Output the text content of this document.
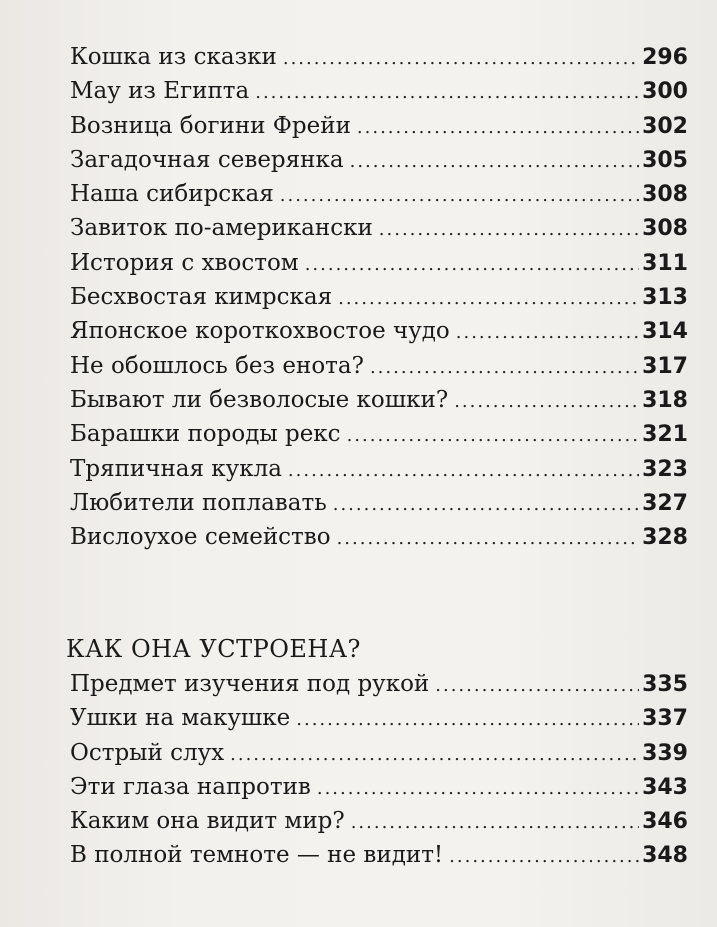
Кошка из сказки .....	296
Мау из Египта .....	300
Возница богини Фрейи .....	302
Загадочная северянка .....	305
Наша сибирская .....	308
Завиток по-американски .....	308
История с хвостом .....	311
Бесхвостая кимрская .....	313
Японское короткохвостое чудо .....	314
Не обошлось без енота? .....	317
Бывают ли безволосые кошки? .....	318
Барашки породы рекс .....	321
Тряпичная кукла .....	323
Любители поплавать .....	327
Вислоухое семейство .....	328
КАК ОНА УСТРОЕНА?
Предмет изучения под рукой .....	335
Ушки на макушке .....	337
Острый слух .....	339
Эти глаза напротив .....	343
Каким она видит мир? .....	346
В полной темноте — не видит! .....	348
